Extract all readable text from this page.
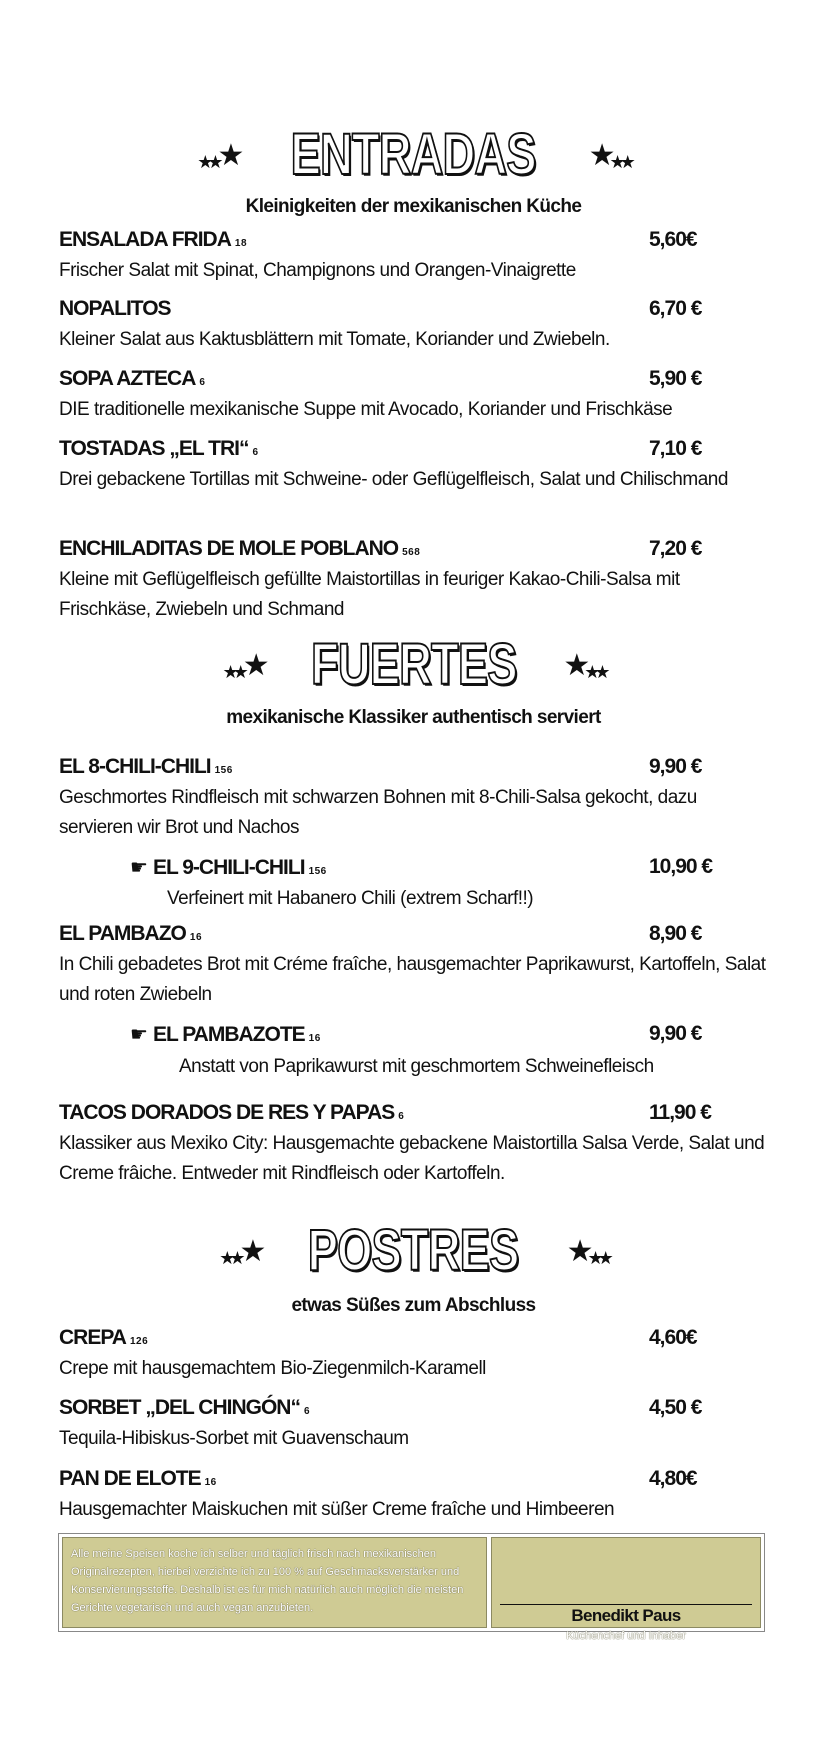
★ ★ ★ ENTRADAS ★ ★ ★
Kleinigkeiten der mexikanischen Küche
ENSALADA FRIDA 18	5,60€
Frischer Salat mit Spinat, Champignons und Orangen-Vinaigrette
NOPALITOS	6,70 €
Kleiner Salat aus Kaktusblättern mit Tomate, Koriander und Zwiebeln.
SOPA AZTECA 6	5,90 €
DIE traditionelle mexikanische Suppe mit Avocado, Koriander und Frischkäse
TOSTADAS „EL TRI“ 6	7,10 €
Drei gebackene Tortillas mit Schweine- oder Geflügelfleisch, Salat und Chilischmand
ENCHILADITAS DE MOLE POBLANO 568	7,20 €
Kleine mit Geflügelfleisch gefüllte Maistortillas in feuriger Kakao-Chili-Salsa mit Frischkäse, Zwiebeln und Schmand
★ ★ ★ FUERTES ★ ★ ★
mexikanische Klassiker authentisch serviert
EL 8-CHILI-CHILI 156	9,90 €
Geschmortes Rindfleisch mit schwarzen Bohnen mit 8-Chili-Salsa gekocht, dazu servieren wir Brot und Nachos
☛ EL 9-CHILI-CHILI 156	10,90 €
Verfeinert mit Habanero Chili (extrem Scharf!!)
EL PAMBAZO 16	8,90 €
In Chili gebadetes Brot mit Créme fraîche, hausgemachter Paprikawurst, Kartoffeln, Salat und roten Zwiebeln
☛ EL PAMBAZOTE 16	9,90 €
Anstatt von Paprikawurst mit geschmortem Schweinefleisch
TACOS DORADOS DE RES Y PAPAS 6	11,90 €
Klassiker aus Mexiko City: Hausgemachte gebackene Maistortilla Salsa Verde, Salat und Creme frâiche. Entweder mit Rindfleisch oder Kartoffeln.
★ ★ ★ POSTRES ★ ★ ★
etwas Süßes zum Abschluss
CREPA 126	4,60€
Crepe mit hausgemachtem Bio-Ziegenmilch-Karamell
SORBET „DEL CHINGÓN“ 6	4,50 €
Tequila-Hibiskus-Sorbet mit Guavenschaum
PAN DE ELOTE 16	4,80€
Hausgemachter Maiskuchen mit süßer Creme fraîche und Himbeeren
Alle meine Speisen koche ich selber und täglich frisch nach mexikanischen Originalrezepten, hierbei verzichte ich zu 100 % auf Geschmacksverstärker und Konservierungsstoffe. Deshalb ist es für mich natürlich auch möglich die meisten Gerichte vegetarisch und auch vegan anzubieten.	Benedikt Paus
Küchenchef und Inhaber
